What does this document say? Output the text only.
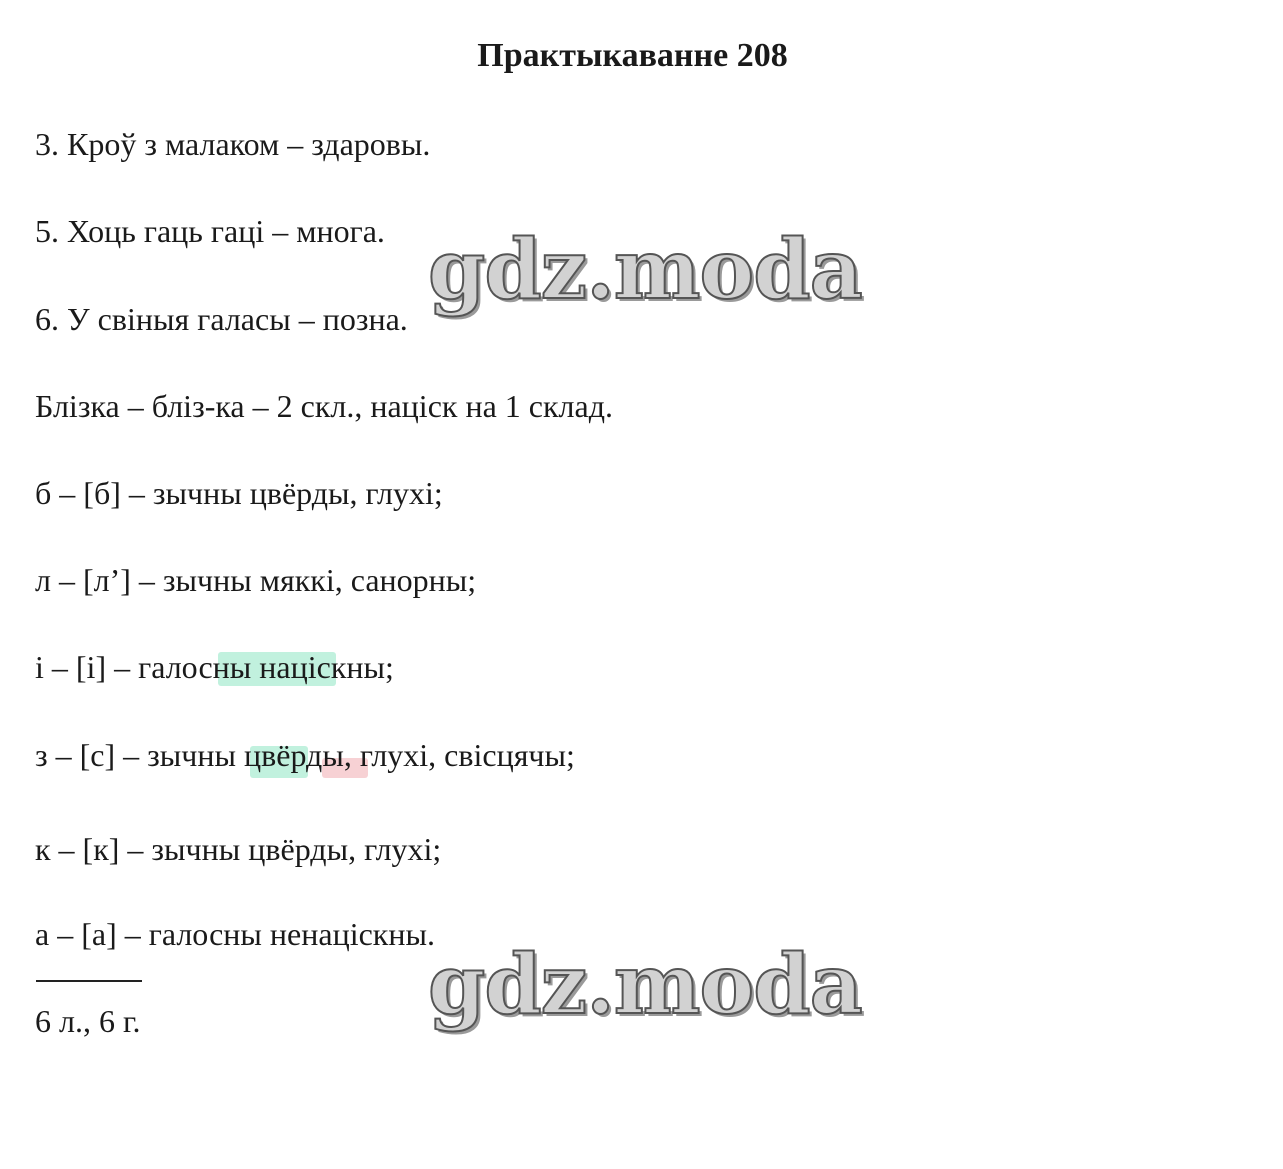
Практыкаванне 208
3. Кроў з малаком – здаровы.
5. Хоць гаць гаці – многа.
6. У свіныя галасы – позна.
Блізка – бліз-ка – 2 скл., націск на 1 склад.
б – [б] – зычны цвёрды, глухі;
л – [л’] – зычны мяккі, санорны;
і – [і] – галосны націскны;
з – [с] – зычны цвёрды, глухі, свісцячы;
к – [к] – зычны цвёрды, глухі;
а – [а] – галосны ненаціскны.
6 л., 6 г.
gdz.moda
gdz.moda
